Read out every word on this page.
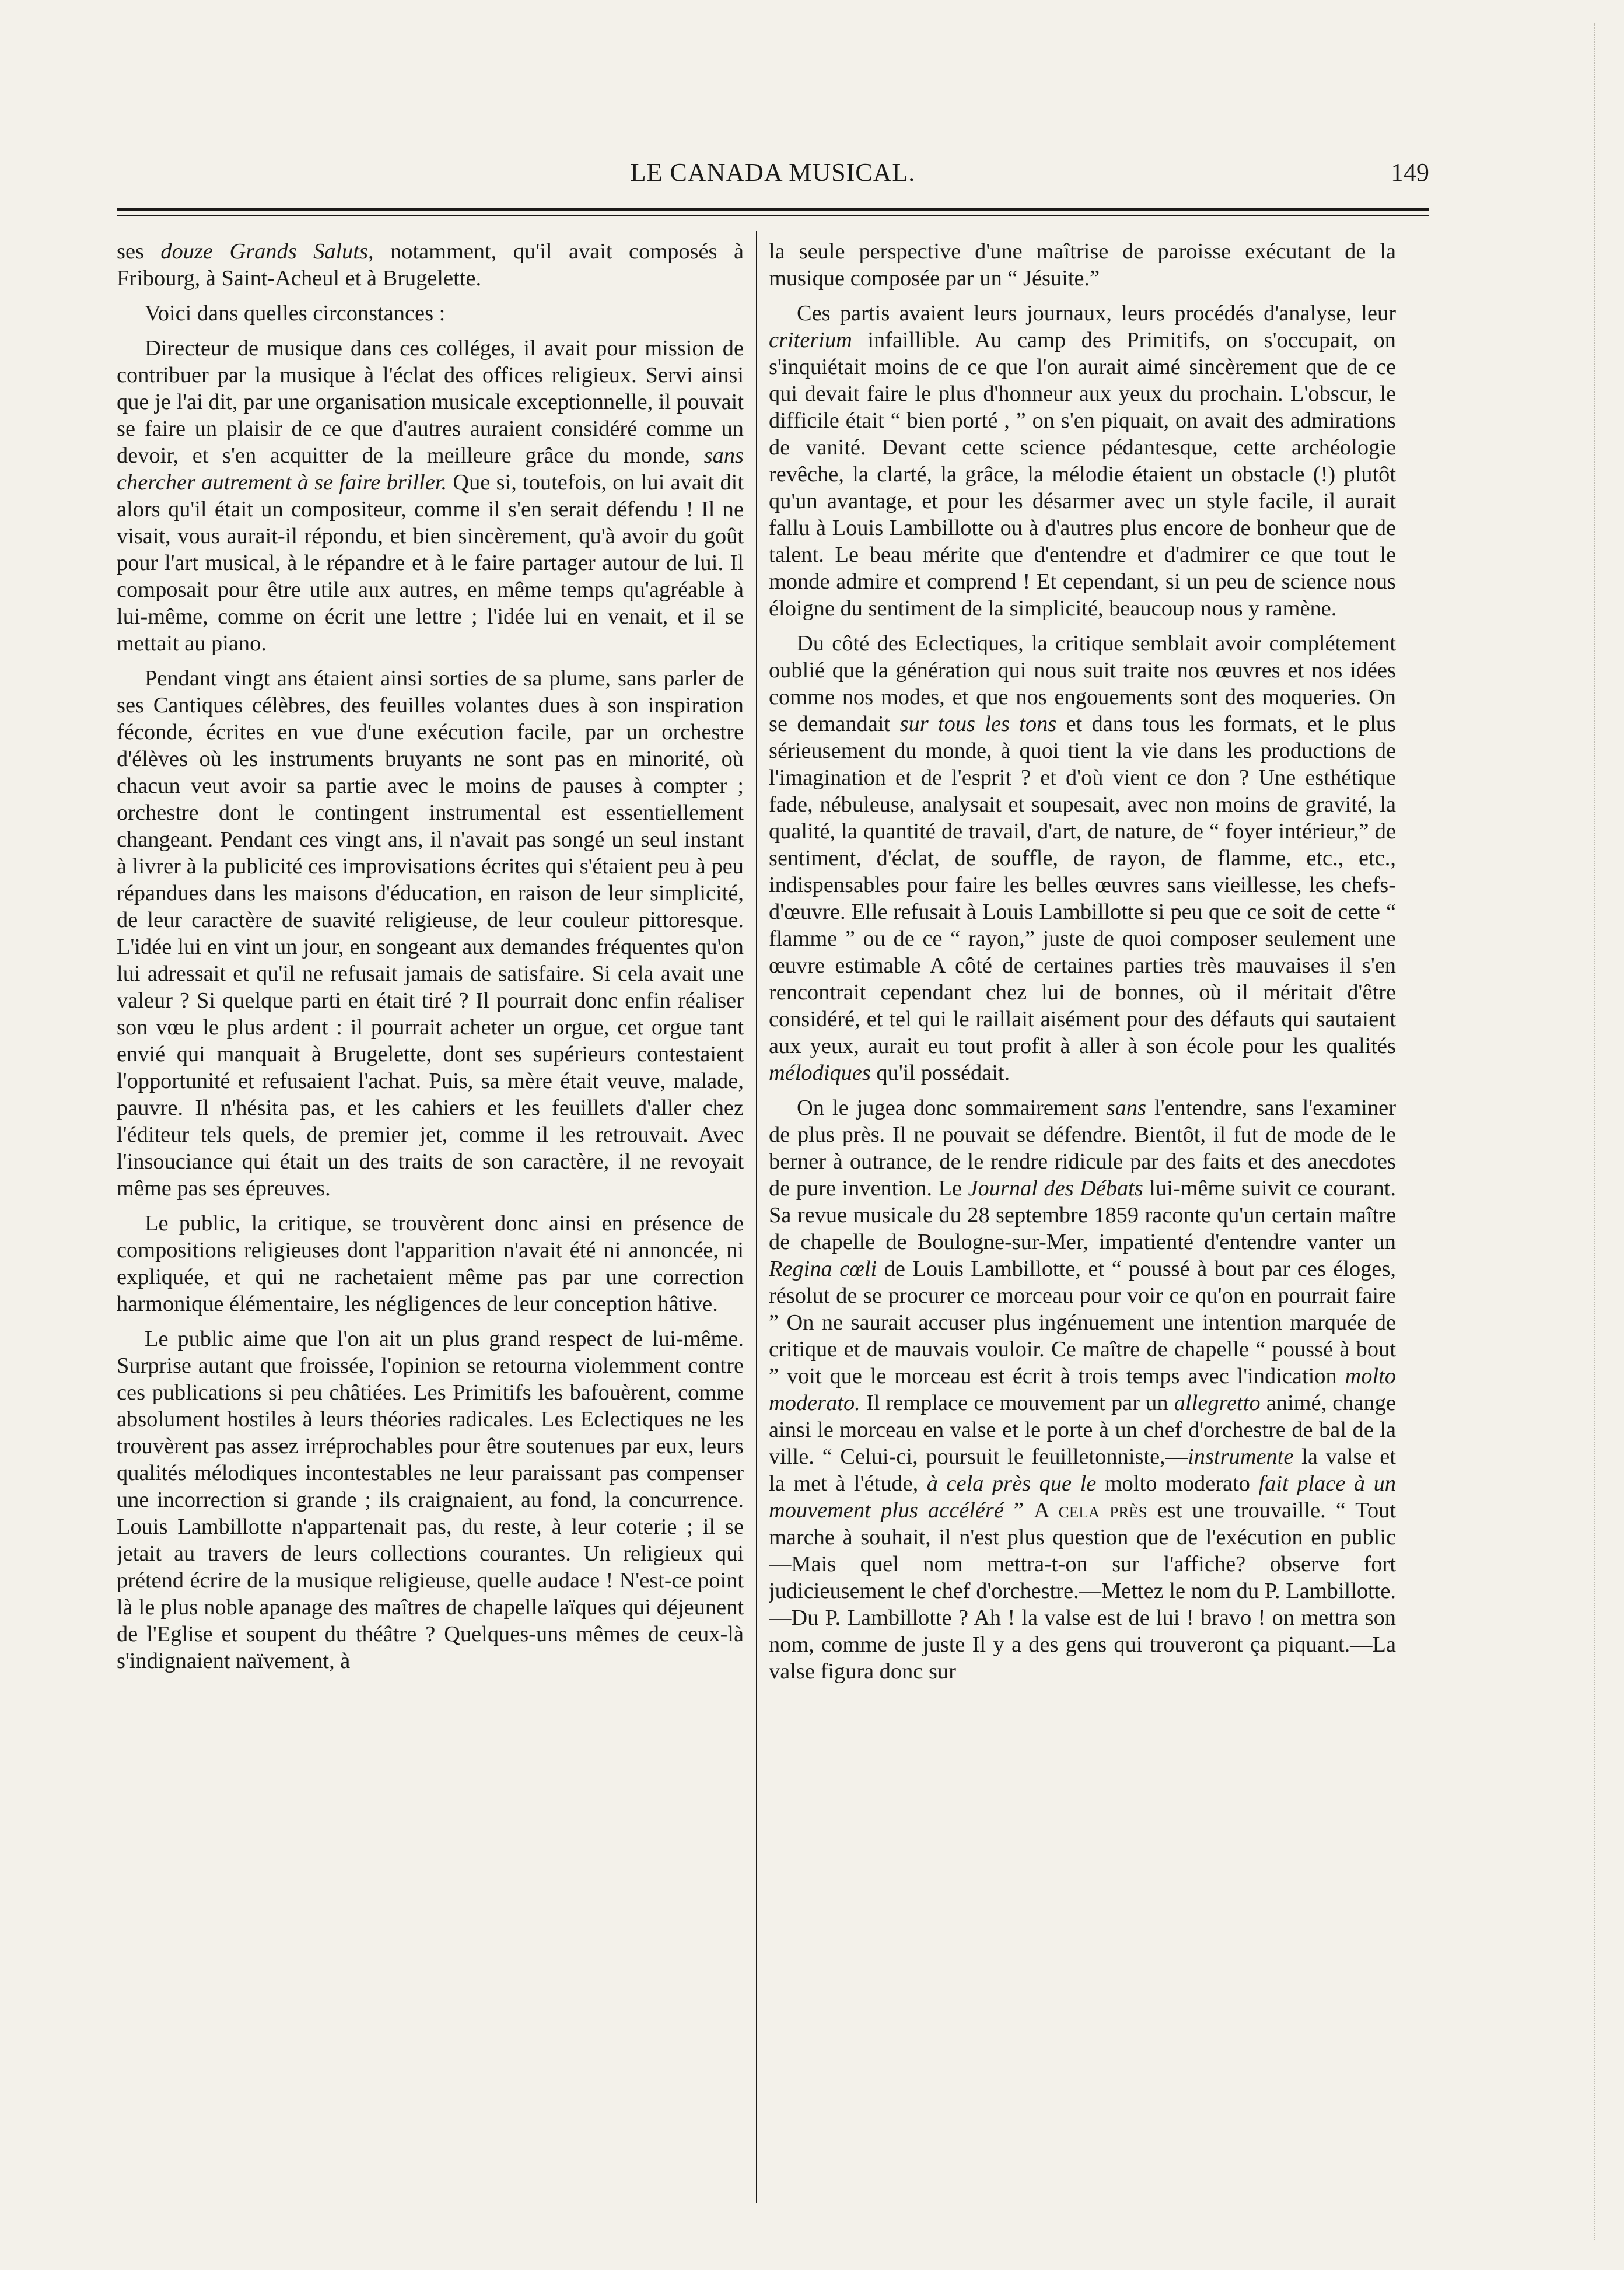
LE CANADA MUSICAL.	149

ses douze Grands Saluts, notamment, qu'il avait composés à Fribourg, à Saint-Acheul et à Brugelette.

Voici dans quelles circonstances :

Directeur de musique dans ces colléges, il avait pour mission de contribuer par la musique à l'éclat des offices religieux. Servi ainsi que je l'ai dit, par une organisation musicale exceptionnelle, il pouvait se faire un plaisir de ce que d'autres auraient considéré comme un devoir, et s'en acquitter de la meilleure grâce du monde, sans chercher autrement à se faire briller. Que si, toutefois, on lui avait dit alors qu'il était un compositeur, comme il s'en serait défendu ! Il ne visait, vous aurait-il répondu, et bien sincèrement, qu'à avoir du goût pour l'art musical, à le répandre et à le faire partager autour de lui. Il composait pour être utile aux autres, en même temps qu'agréable à lui-même, comme on écrit une lettre ; l'idée lui en venait, et il se mettait au piano.

Pendant vingt ans étaient ainsi sorties de sa plume, sans parler de ses Cantiques célèbres, des feuilles volantes dues à son inspiration féconde, écrites en vue d'une exécution facile, par un orchestre d'élèves où les instruments bruyants ne sont pas en minorité, où chacun veut avoir sa partie avec le moins de pauses à compter ; orchestre dont le contingent instrumental est essentiellement changeant. Pendant ces vingt ans, il n'avait pas songé un seul instant à livrer à la publicité ces improvisations écrites qui s'étaient peu à peu répandues dans les maisons d'éducation, en raison de leur simplicité, de leur caractère de suavité religieuse, de leur couleur pittoresque. L'idée lui en vint un jour, en songeant aux demandes fréquentes qu'on lui adressait et qu'il ne refusait jamais de satisfaire. Si cela avait une valeur ? Si quelque parti en était tiré ? Il pourrait donc enfin réaliser son vœu le plus ardent : il pourrait acheter un orgue, cet orgue tant envié qui manquait à Brugelette, dont ses supérieurs contestaient l'opportunité et refusaient l'achat. Puis, sa mère était veuve, malade, pauvre. Il n'hésita pas, et les cahiers et les feuillets d'aller chez l'éditeur tels quels, de premier jet, comme il les retrouvait. Avec l'insouciance qui était un des traits de son caractère, il ne revoyait même pas ses épreuves.

Le public, la critique, se trouvèrent donc ainsi en présence de compositions religieuses dont l'apparition n'avait été ni annoncée, ni expliquée, et qui ne rachetaient même pas par une correction harmonique élémentaire, les négligences de leur conception hâtive.

Le public aime que l'on ait un plus grand respect de lui-même. Surprise autant que froissée, l'opinion se retourna violemment contre ces publications si peu châtiées. Les Primitifs les bafouèrent, comme absolument hostiles à leurs théories radicales. Les Eclectiques ne les trouvèrent pas assez irréprochables pour être soutenues par eux, leurs qualités mélodiques incontestables ne leur paraissant pas compenser une incorrection si grande ; ils craignaient, au fond, la concurrence. Louis Lambillotte n'appartenait pas, du reste, à leur coterie ; il se jetait au travers de leurs collections courantes. Un religieux qui prétend écrire de la musique religieuse, quelle audace ! N'est-ce point là le plus noble apanage des maîtres de chapelle laïques qui déjeunent de l'Eglise et soupent du théâtre ? Quelques-uns mêmes de ceux-là s'indignaient naïvement, à

la seule perspective d'une maîtrise de paroisse exécutant de la musique composée par un “ Jésuite.”

Ces partis avaient leurs journaux, leurs procédés d'analyse, leur criterium infaillible. Au camp des Primitifs, on s'occupait, on s'inquiétait moins de ce que l'on aurait aimé sincèrement que de ce qui devait faire le plus d'honneur aux yeux du prochain. L'obscur, le difficile était “ bien porté , ” on s'en piquait, on avait des admirations de vanité. Devant cette science pédantesque, cette archéologie revêche, la clarté, la grâce, la mélodie étaient un obstacle (!) plutôt qu'un avantage, et pour les désarmer avec un style facile, il aurait fallu à Louis Lambillotte ou à d'autres plus encore de bonheur que de talent. Le beau mérite que d'entendre et d'admirer ce que tout le monde admire et comprend ! Et cependant, si un peu de science nous éloigne du sentiment de la simplicité, beaucoup nous y ramène.

Du côté des Eclectiques, la critique semblait avoir complétement oublié que la génération qui nous suit traite nos œuvres et nos idées comme nos modes, et que nos engouements sont des moqueries. On se demandait sur tous les tons et dans tous les formats, et le plus sérieusement du monde, à quoi tient la vie dans les productions de l'imagination et de l'esprit ? et d'où vient ce don ? Une esthétique fade, nébuleuse, analysait et soupesait, avec non moins de gravité, la qualité, la quantité de travail, d'art, de nature, de “ foyer intérieur,” de sentiment, d'éclat, de souffle, de rayon, de flamme, etc., etc., indispensables pour faire les belles œuvres sans vieillesse, les chefs-d'œuvre. Elle refusait à Louis Lambillotte si peu que ce soit de cette “ flamme ” ou de ce “ rayon,” juste de quoi composer seulement une œuvre estimable A côté de certaines parties très mauvaises il s'en rencontrait cependant chez lui de bonnes, où il méritait d'être considéré, et tel qui le raillait aisément pour des défauts qui sautaient aux yeux, aurait eu tout profit à aller à son école pour les qualités mélodiques qu'il possédait.

On le jugea donc sommairement sans l'entendre, sans l'examiner de plus près. Il ne pouvait se défendre. Bientôt, il fut de mode de le berner à outrance, de le rendre ridicule par des faits et des anecdotes de pure invention. Le Journal des Débats lui-même suivit ce courant. Sa revue musicale du 28 septembre 1859 raconte qu'un certain maître de chapelle de Boulogne-sur-Mer, impatienté d'entendre vanter un Regina cœli de Louis Lambillotte, et “ poussé à bout par ces éloges, résolut de se procurer ce morceau pour voir ce qu'on en pourrait faire ” On ne saurait accuser plus ingénuement une intention marquée de critique et de mauvais vouloir. Ce maître de chapelle “ poussé à bout ” voit que le morceau est écrit à trois temps avec l'indication molto moderato. Il remplace ce mouvement par un allegretto animé, change ainsi le morceau en valse et le porte à un chef d'orchestre de bal de la ville. “ Celui-ci, poursuit le feuilletonniste,—instrumente la valse et la met à l'étude, à cela près que le molto moderato fait place à un mouvement plus accéléré ” A cela près est une trouvaille. “ Tout marche à souhait, il n'est plus question que de l'exécution en public —Mais quel nom mettra-t-on sur l'affiche? observe fort judicieusement le chef d'orchestre.—Mettez le nom du P. Lambillotte. —Du P. Lambillotte ? Ah ! la valse est de lui ! bravo ! on mettra son nom, comme de juste Il y a des gens qui trouveront ça piquant.—La valse figura donc sur
